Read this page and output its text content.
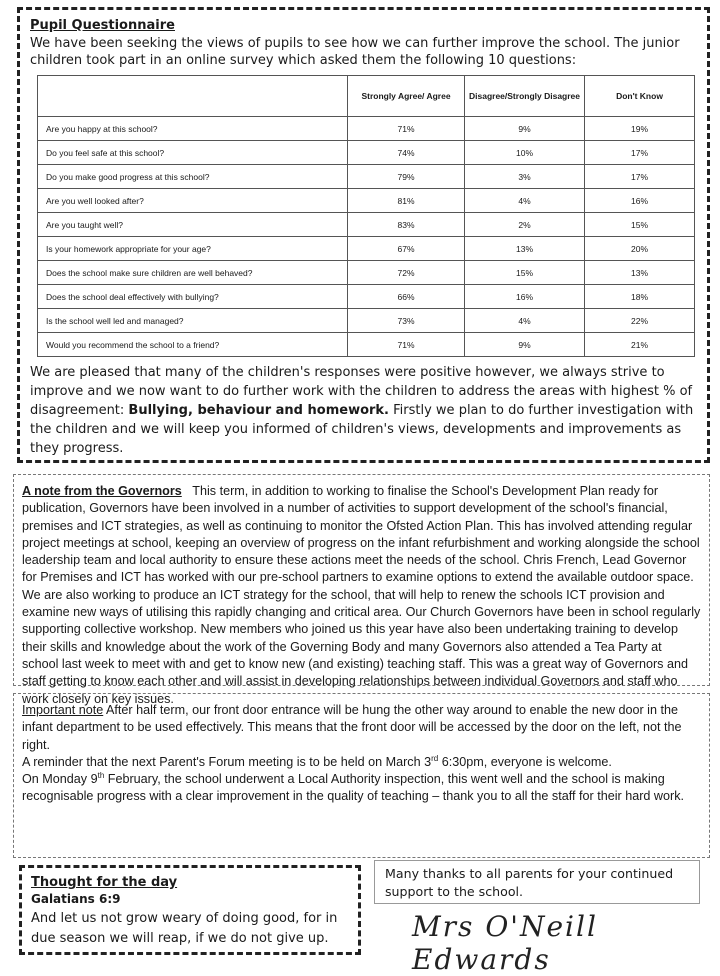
Pupil Questionnaire
We have been seeking the views of pupils to see how we can further improve the school. The junior children took part in an online survey which asked them the following 10 questions:
	Strongly Agree/ Agree	Disagree/Strongly Disagree	Don't Know
Are you happy at this school?	71%	9%	19%
Do you feel safe at this school?	74%	10%	17%
Do you make good progress at this school?	79%	3%	17%
Are you well looked after?	81%	4%	16%
Are you taught well?	83%	2%	15%
Is your homework appropriate for your age?	67%	13%	20%
Does the school make sure children are well behaved?	72%	15%	13%
Does the school deal effectively with bullying?	66%	16%	18%
Is the school well led and managed?	73%	4%	22%
Would you recommend the school to a friend?	71%	9%	21%
We are pleased that many of the children's responses were positive however, we always strive to improve and we now want to do further work with the children to address the areas with highest % of disagreement: Bullying, behaviour and homework. Firstly we plan to do further investigation with the children and we will keep you informed of children's views, developments and improvements as they progress.
A note from the Governors This term, in addition to working to finalise the School's Development Plan ready for publication, Governors have been involved in a number of activities to support development of the school's financial, premises and ICT strategies, as well as continuing to monitor the Ofsted Action Plan. This has involved attending regular project meetings at school, keeping an overview of progress on the infant refurbishment and working alongside the school leadership team and local authority to ensure these actions meet the needs of the school. Chris French, Lead Governor for Premises and ICT has worked with our pre-school partners to examine options to extend the available outdoor space. We are also working to produce an ICT strategy for the school, that will help to renew the schools ICT provision and examine new ways of utilising this rapidly changing and critical area. Our Church Governors have been in school regularly supporting collective workshop. New members who joined us this year have also been undertaking training to develop their skills and knowledge about the work of the Governing Body and many Governors also attended a Tea Party at school last week to meet with and get to know new (and existing) teaching staff. This was a great way of Governors and staff getting to know each other and will assist in developing relationships between individual Governors and staff who work closely on key issues.
Important note After half term, our front door entrance will be hung the other way around to enable the new door in the infant department to be used effectively. This means that the front door will be accessed by the door on the left, not the right.
A reminder that the next Parent's Forum meeting is to be held on March 3rd 6:30pm, everyone is welcome.
On Monday 9th February, the school underwent a Local Authority inspection, this went well and the school is making recognisable progress with a clear improvement in the quality of teaching – thank you to all the staff for their hard work.
Thought for the day
Galatians 6:9
And let us not grow weary of doing good, for in due season we will reap, if we do not give up.
Many thanks to all parents for your continued support to the school.
Mrs O'Neill Edwards
